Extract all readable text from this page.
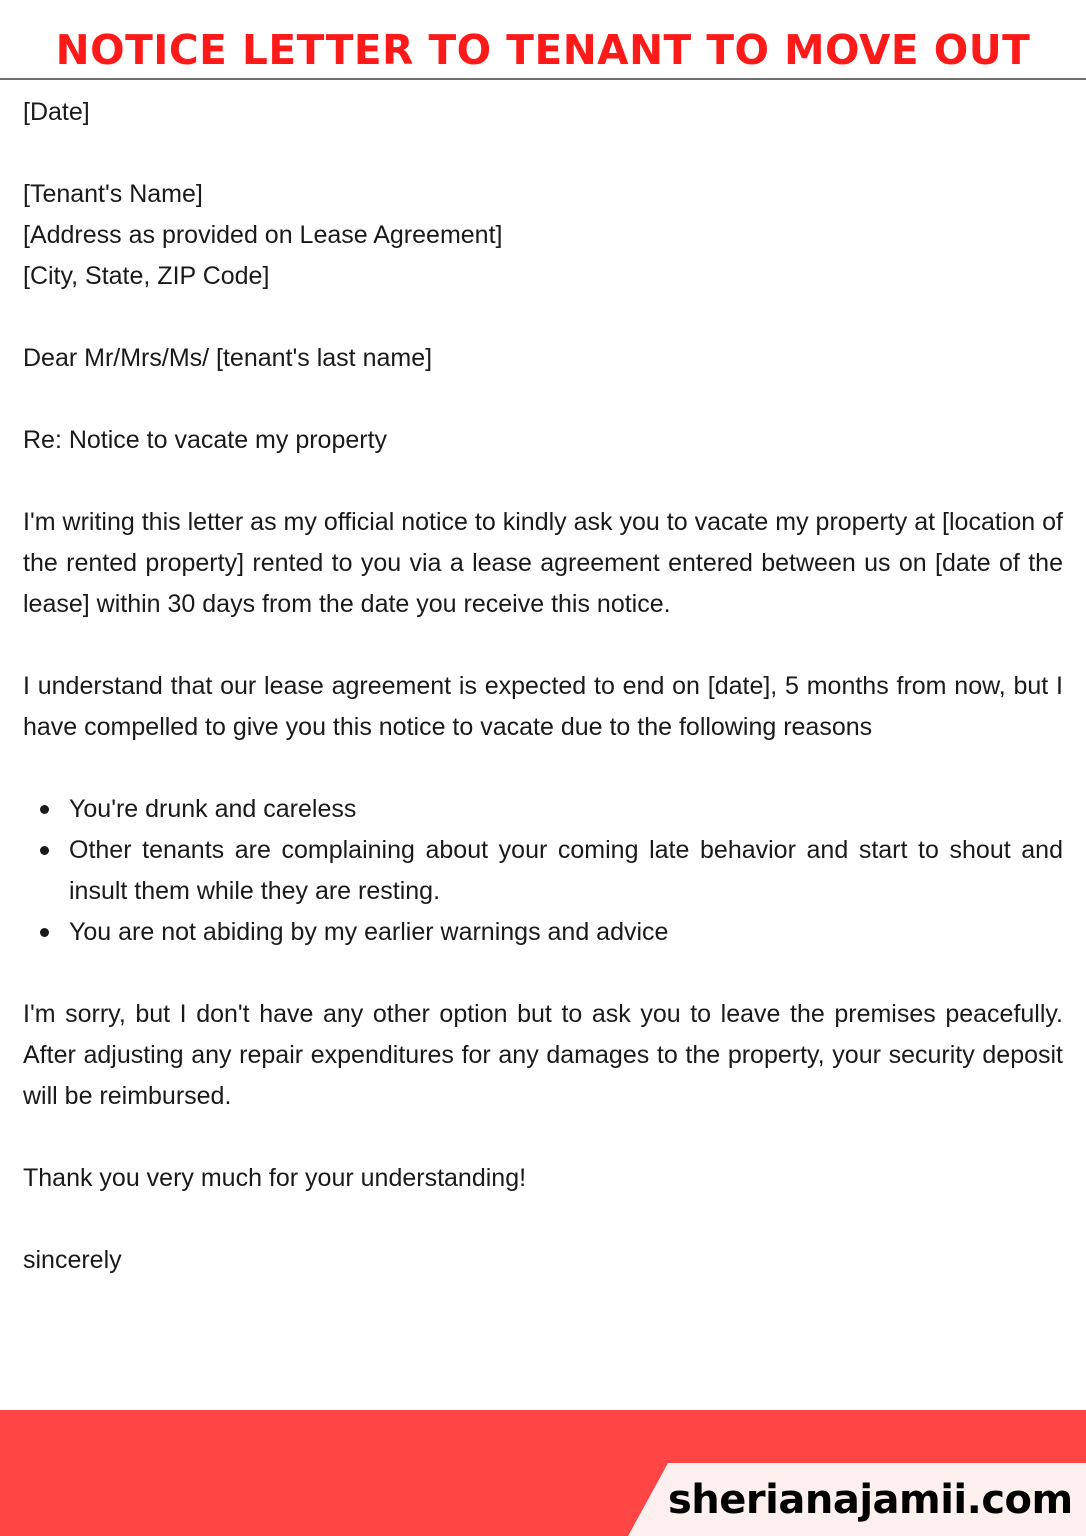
NOTICE LETTER TO TENANT TO MOVE OUT
[Date]
[Tenant's Name]
[Address as provided on Lease Agreement]
[City, State, ZIP Code]
Dear Mr/Mrs/Ms/ [tenant's last name]
Re: Notice to vacate my property
I'm writing this letter as my official notice to kindly ask you to vacate my property at [location of the rented property] rented to you via a lease agreement entered between us on [date of the lease] within 30 days from the date you receive this notice.
I understand that our lease agreement is expected to end on [date], 5 months from now, but I have compelled to give you this notice to vacate due to the following reasons
You're drunk and careless
Other tenants are complaining about your coming late behavior and start to shout and insult them while they are resting.
You are not abiding by my earlier warnings and advice
I'm sorry, but I don't have any other option but to ask you to leave the premises peacefully. After adjusting any repair expenditures for any damages to the property, your security deposit will be reimbursed.
Thank you very much for your understanding!
sincerely
sherianajamii.com
